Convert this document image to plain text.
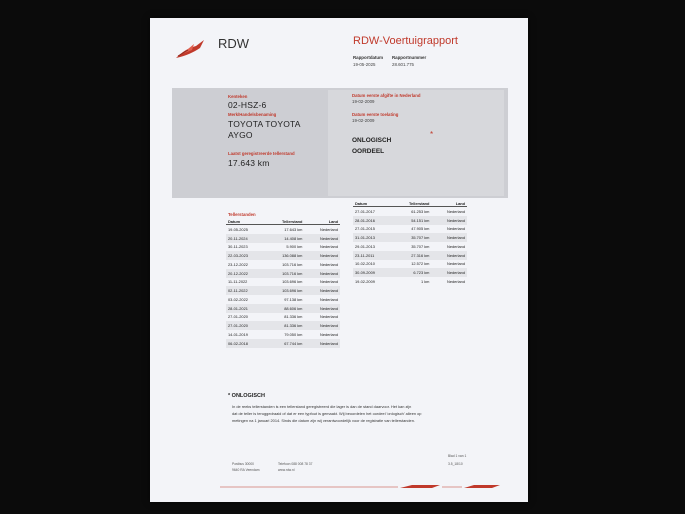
RDW	RDW-Voertuigrapport
Rapportdatum
19-05-2025
Rapportnummer
28.601.775
Kenteken
02-HSZ-6
Merk/Handelsbenaming
TOYOTA TOYOTA
AYGO
Laatst geregistreerde tellerstand
17.643 km
Datum eerste afgifte in Nederland
19-02-2009
Datum eerste toelating
19-02-2009
ONLOGISCH
OORDEEL
*
Tellerstanden
Datum	Tellerstand	Land
19-05-2025	17.643 km	Nederland
20-11-2024	14.408 km	Nederland
30-11-2023	5.900 km	Nederland
22-03-2023	136.088 km	Nederland
23-12-2022	103.716 km	Nederland
20-12-2022	103.716 km	Nederland
11-11-2022	103.696 km	Nederland
02-11-2022	103.696 km	Nederland
03-02-2022	97.138 km	Nederland
28-01-2021	88.606 km	Nederland
27-01-2020	81.336 km	Nederland
27-01-2020	81.336 km	Nederland
14-01-2019	79.050 km	Nederland
06-02-2018	67.744 km	Nederland
Datum	Tellerstand	Land
27-01-2017	61.253 km	Nederland
28-01-2016	54.151 km	Nederland
27-01-2015	47.905 km	Nederland
31-01-2013	35.707 km	Nederland
29-01-2013	35.707 km	Nederland
23-11-2011	27.316 km	Nederland
10-02-2010	12.572 km	Nederland
30-09-2009	6.723 km	Nederland
19-02-2009	1 km	Nederland
* ONLOGISCH
In de reeks tellerstanden is een tellerstand geregistreerd die lager is dan de stand daarvoor. Het kan zijn
dat de teller is teruggedraaid of dat er een typfout is gemaakt. Wij beoordelen het oordeel 'onlogisch' alleen op
metingen na 1 januari 2014. Sinds die datum zijn wij verantwoordelijk voor de registratie van tellerstanden.
Postbus 30000
9640 RA Veendam
Telefoon 088 008 78 37
www.rdw.nl
Blad 1 van 1
3.5_18/10
